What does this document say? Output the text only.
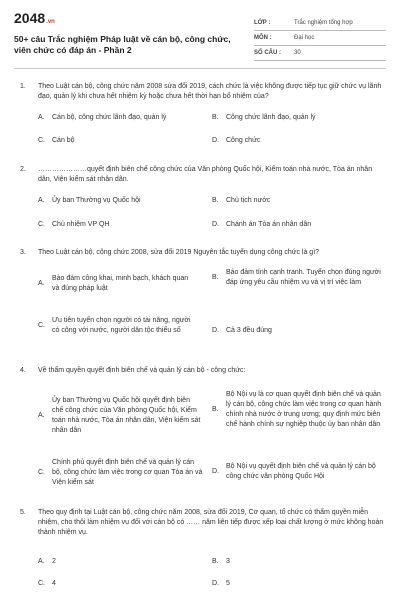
2048.vn
50+ câu Trắc nghiệm Pháp luật về cán bộ, công chức, viên chức có đáp án - Phần 2
LỚP :	Trắc nghiệm tổng hợp
MÔN :	Đại học
SỐ CÂU :	30
1. Theo Luật cán bộ, công chức năm 2008 sửa đổi 2019, cách chức là việc không được tiếp tục giữ chức vụ lãnh đạo, quản lý khi chưa hết nhiệm kỳ hoặc chưa hết thời hạn bổ nhiệm của?
A.	Cán bộ, công chức lãnh đạo, quản lý	B.	Công chức lãnh đạo, quản lý
C.	Cán bộ	D.	Công chức
2. …………………quyết định biên chế công chức của Văn phòng Quốc hội, Kiểm toán nhà nước, Tòa án nhân dân, Viện kiểm sát nhân dân.
A.	Ủy ban Thường vụ Quốc hội	B.	Chủ tịch nước
C.	Chủ nhiệm VP QH	D.	Chánh án Tòa án nhân dân
3. Theo Luật cán bộ, công chức 2008, sửa đổi 2019 Nguyên tắc tuyển dụng công chức là gì?
A.
Bảo đảm công khai, minh bạch, khách quan và đúng pháp luật
B.
Bảo đảm tính cạnh tranh. Tuyển chọn đúng người đáp ứng yêu cầu nhiệm vụ và vị trí việc làm
C.
Ưu tiên tuyển chọn người có tài năng, người có công với nước, người dân tộc thiểu số	D.	Cả 3 đều đúng
4. Về thẩm quyền quyết định biên chế và quản lý cán bộ - công chức:
A.
Ủy ban Thường vụ Quốc hội quyết định biên chế công chức của Văn phòng Quốc hội, Kiểm toán nhà nước, Tòa án nhân dân, Viện kiểm sát nhân dân
B.
Bộ Nội vụ là cơ quan quyết định biên chế và quản lý cán bộ, công chức làm việc trong cơ quan hành chính nhà nước ở trung ương; quy định mức biên chế hành chính sự nghiệp thuộc ủy ban nhân dân
C.
Chính phủ quyết định biên chế và quản lý cán bộ, công chức làm việc trong cơ quan Tòa án và Viện kiểm sát
D.
Bộ Nội vụ quyết định biên chế và quản lý cán bộ công chức văn phòng Quốc Hội
5. Theo quy định tại Luật cán bộ, công chức năm 2008, sửa đổi 2019, Cơ quan, tổ chức có thẩm quyền miễn nhiệm, cho thôi làm nhiệm vụ đối với cán bộ có …… năm liên tiếp được xếp loại chất lượng ở mức không hoàn thành nhiệm vụ.
A.	2	B.	3
C.	4	D.	5
